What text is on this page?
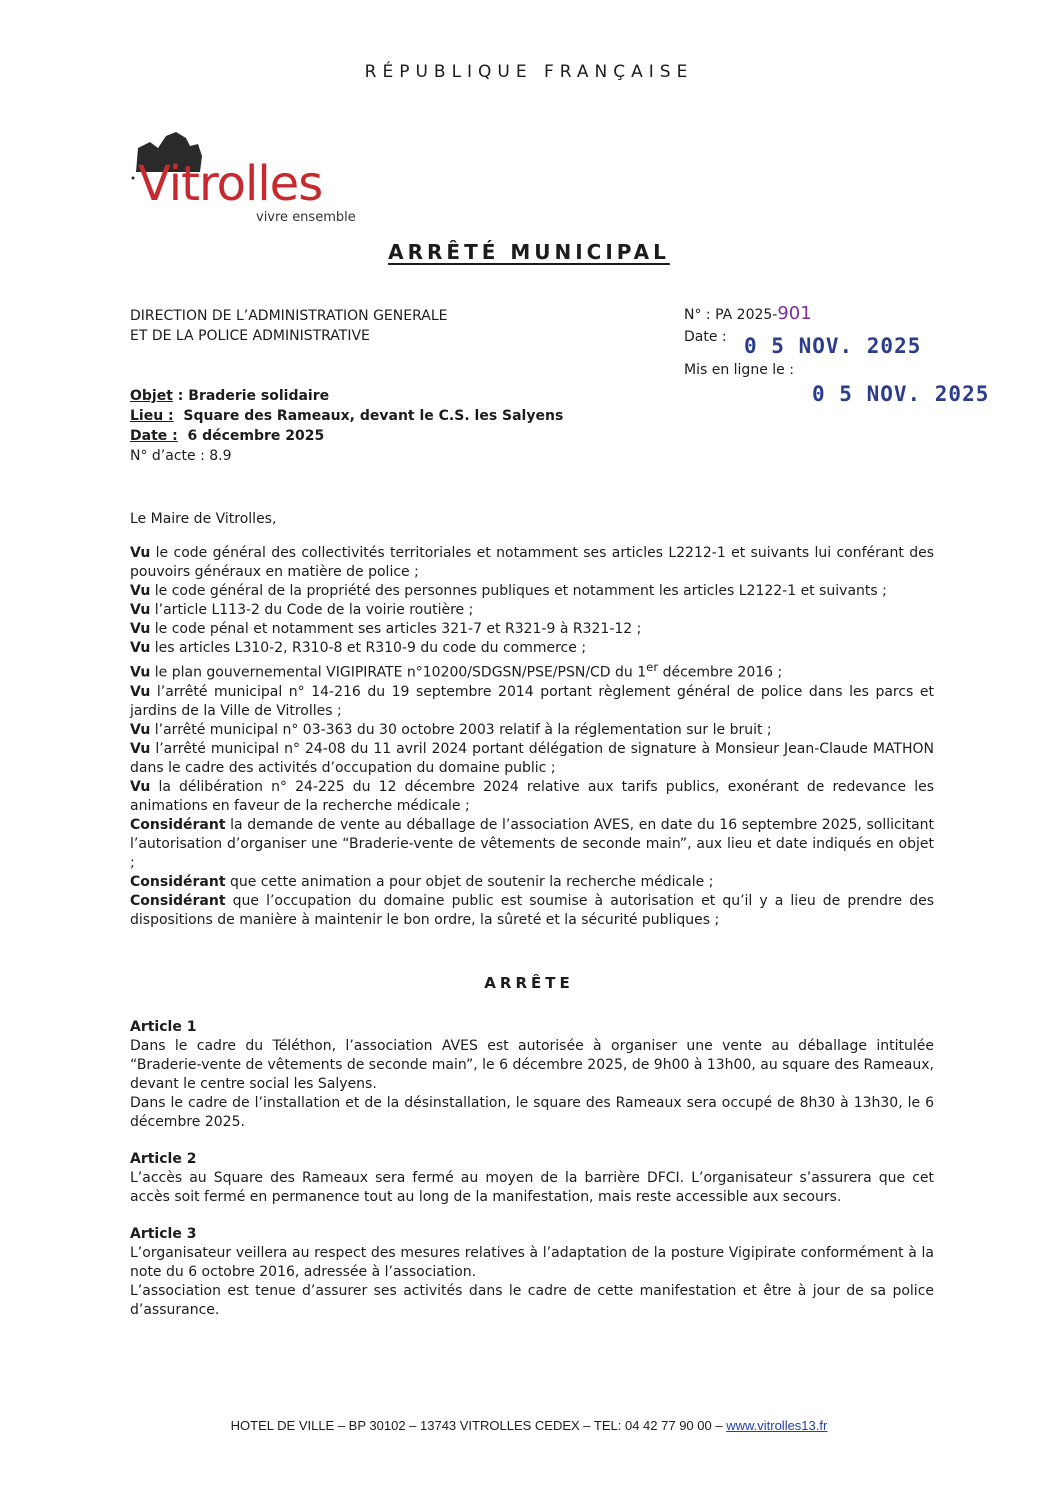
RÉPUBLIQUE FRANÇAISE
Vitrolles
vivre ensemble
ARRÊTÉ MUNICIPAL
DIRECTION DE L’ADMINISTRATION GENERALE
ET DE LA POLICE ADMINISTRATIVE
N° : PA 2025-901
Date : 0 5 NOV. 2025
Mis en ligne le :
0 5 NOV. 2025
Objet : Braderie solidaire
Lieu : Square des Rameaux, devant le C.S. les Salyens
Date : 6 décembre 2025
N° d’acte : 8.9
Le Maire de Vitrolles,

Vu le code général des collectivités territoriales et notamment ses articles L2212-1 et suivants lui conférant des pouvoirs généraux en matière de police ;

Vu le code général de la propriété des personnes publiques et notamment les articles L2122-1 et suivants ;

Vu l’article L113-2 du Code de la voirie routière ;

Vu le code pénal et notamment ses articles 321-7 et R321-9 à R321-12 ;

Vu les articles L310-2, R310-8 et R310-9 du code du commerce ;

Vu le plan gouvernemental VIGIPIRATE n°10200/SDGSN/PSE/PSN/CD du 1er décembre 2016 ;

Vu l’arrêté municipal n° 14-216 du 19 septembre 2014 portant règlement général de police dans les parcs et jardins de la Ville de Vitrolles ;

Vu l’arrêté municipal n° 03-363 du 30 octobre 2003 relatif à la réglementation sur le bruit ;

Vu l’arrêté municipal n° 24-08 du 11 avril 2024 portant délégation de signature à Monsieur Jean-Claude MATHON dans le cadre des activités d’occupation du domaine public ;

Vu la délibération n° 24-225 du 12 décembre 2024 relative aux tarifs publics, exonérant de redevance les animations en faveur de la recherche médicale ;

Considérant la demande de vente au déballage de l’association AVES, en date du 16 septembre 2025, sollicitant l’autorisation d’organiser une “Braderie-vente de vêtements de seconde main”, aux lieu et date indiqués en objet ;

Considérant que cette animation a pour objet de soutenir la recherche médicale ;

Considérant que l’occupation du domaine public est soumise à autorisation et qu’il y a lieu de prendre des dispositions de manière à maintenir le bon ordre, la sûreté et la sécurité publiques ;

ARRÊTE
Article 1

Dans le cadre du Téléthon, l’association AVES est autorisée à organiser une vente au déballage intitulée “Braderie-vente de vêtements de seconde main”, le 6 décembre 2025, de 9h00 à 13h00, au square des Rameaux, devant le centre social les Salyens.

Dans le cadre de l’installation et de la désinstallation, le square des Rameaux sera occupé de 8h30 à 13h30, le 6 décembre 2025.

Article 2

L’accès au Square des Rameaux sera fermé au moyen de la barrière DFCI. L’organisateur s’assurera que cet accès soit fermé en permanence tout au long de la manifestation, mais reste accessible aux secours.

Article 3

L’organisateur veillera au respect des mesures relatives à l’adaptation de la posture Vigipirate conformément à la note du 6 octobre 2016, adressée à l’association.

L’association est tenue d’assurer ses activités dans le cadre de cette manifestation et être à jour de sa police d’assurance.

HOTEL DE VILLE – BP 30102 – 13743 VITROLLES CEDEX – TEL: 04 42 77 90 00 – www.vitrolles13.fr
